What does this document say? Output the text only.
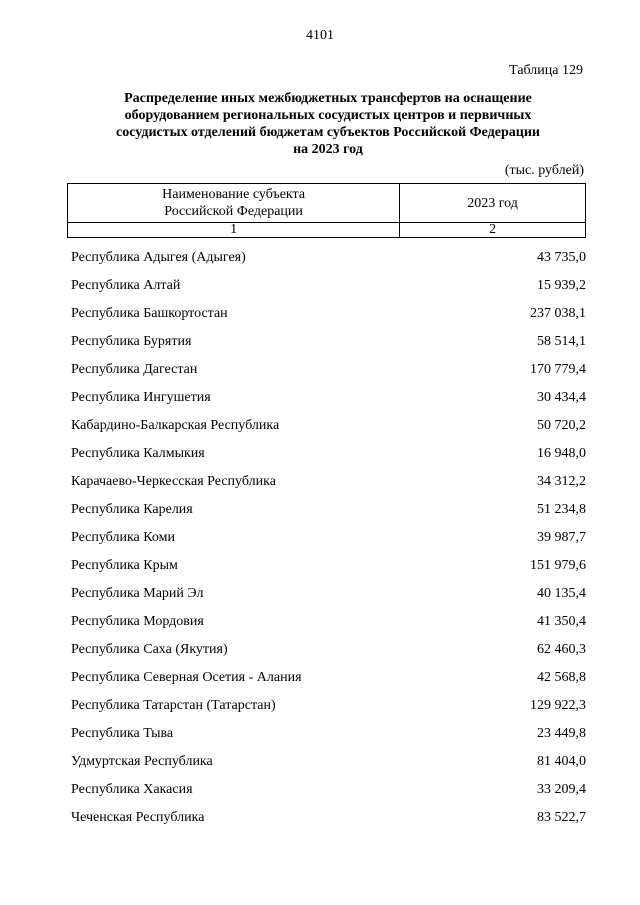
4101
Таблица 129
Распределение иных межбюджетных трансфертов на оснащение
оборудованием региональных сосудистых центров и первичных
сосудистых отделений бюджетам субъектов Российской Федерации
на 2023 год
(тыс. рублей)
Наименование субъекта
Российской Федерации	2023 год
1	2
Республика Адыгея (Адыгея)	43 735,0
Республика Алтай	15 939,2
Республика Башкортостан	237 038,1
Республика Бурятия	58 514,1
Республика Дагестан	170 779,4
Республика Ингушетия	30 434,4
Кабардино-Балкарская Республика	50 720,2
Республика Калмыкия	16 948,0
Карачаево-Черкесская Республика	34 312,2
Республика Карелия	51 234,8
Республика Коми	39 987,7
Республика Крым	151 979,6
Республика Марий Эл	40 135,4
Республика Мордовия	41 350,4
Республика Саха (Якутия)	62 460,3
Республика Северная Осетия - Алания	42 568,8
Республика Татарстан (Татарстан)	129 922,3
Республика Тыва	23 449,8
Удмуртская Республика	81 404,0
Республика Хакасия	33 209,4
Чеченская Республика	83 522,7
